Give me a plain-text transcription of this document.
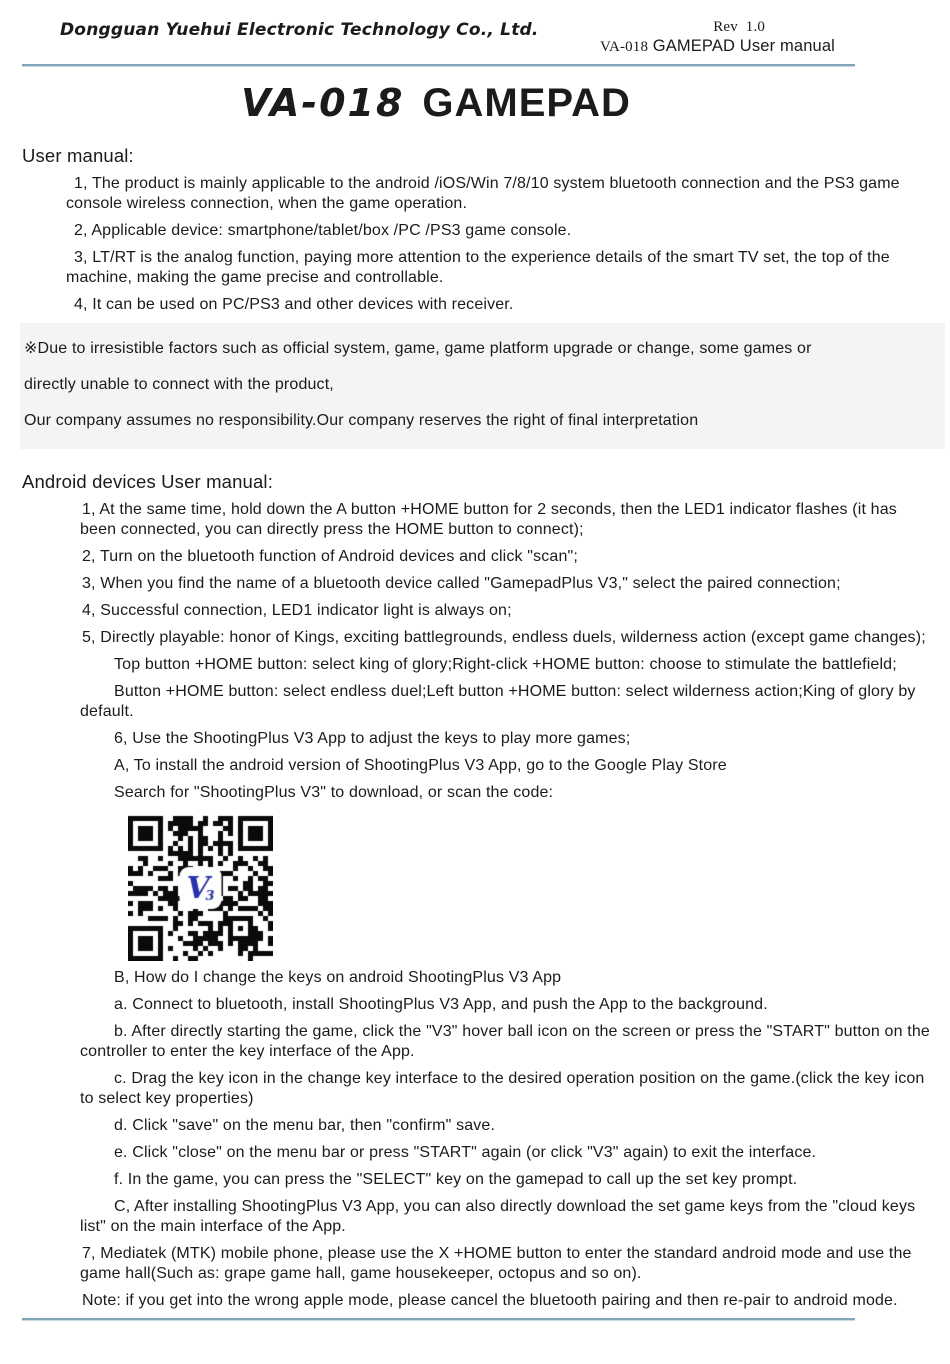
Dongguan Yuehui Electronic Technology Co., Ltd.	Rev 1.0
VA-018 GAMEPAD User manual
VA-018 GAMEPAD
User manual:

1, The product is mainly applicable to the android /iOS/Win 7/8/10 system bluetooth connection and the PS3 game console wireless connection, when the game operation.

2, Applicable device: smartphone/tablet/box /PC /PS3 game console.

3, LT/RT is the analog function, paying more attention to the experience details of the smart TV set, the top of the machine, making the game precise and controllable.

4, It can be used on PC/PS3 and other devices with receiver.

※Due to irresistible factors such as official system, game, game platform upgrade or change, some games or

directly unable to connect with the product,

Our company assumes no responsibility.Our company reserves the right of final interpretation

Android devices User manual:

1, At the same time, hold down the A button +HOME button for 2 seconds, then the LED1 indicator flashes (it has been connected, you can directly press the HOME button to connect);

2, Turn on the bluetooth function of Android devices and click "scan";

3, When you find the name of a bluetooth device called "GamepadPlus V3," select the paired connection;

4, Successful connection, LED1 indicator light is always on;

5, Directly playable: honor of Kings, exciting battlegrounds, endless duels, wilderness action (except game changes);

Top button +HOME button: select king of glory;Right-click +HOME button: choose to stimulate the battlefield;

Button +HOME button: select endless duel;Left button +HOME button: select wilderness action;King of glory by default.

6, Use the ShootingPlus V3 App to adjust the keys to play more games;

A, To install the android version of ShootingPlus V3 App, go to the Google Play Store

Search for "ShootingPlus V3" to download, or scan the code:

B, How do I change the keys on android ShootingPlus V3 App

a. Connect to bluetooth, install ShootingPlus V3 App, and push the App to the background.

b. After directly starting the game, click the "V3" hover ball icon on the screen or press the "START" button on the controller to enter the key interface of the App.

c. Drag the key icon in the change key interface to the desired operation position on the game.(click the key icon to select key properties)

d. Click "save" on the menu bar, then "confirm" save.

e. Click "close" on the menu bar or press "START" again (or click "V3" again) to exit the interface.

f. In the game, you can press the "SELECT" key on the gamepad to call up the set key prompt.

C, After installing ShootingPlus V3 App, you can also directly download the set game keys from the "cloud keys list" on the main interface of the App.

7, Mediatek (MTK) mobile phone, please use the X +HOME button to enter the standard android mode and use the game hall(Such as: grape game hall, game housekeeper, octopus and so on).

Note: if you get into the wrong apple mode, please cancel the bluetooth pairing and then re-pair to android mode.
